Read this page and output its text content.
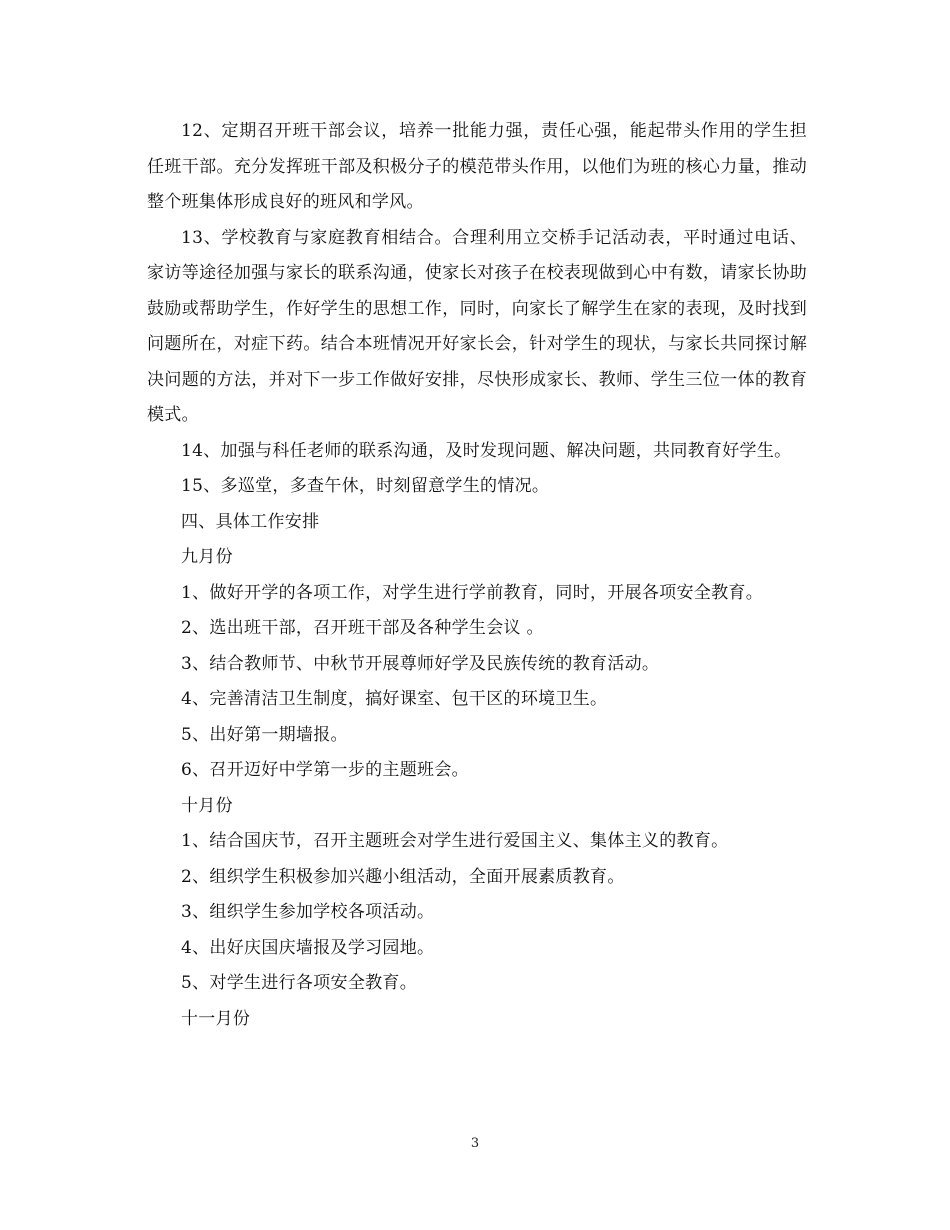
12、定期召开班干部会议，培养一批能力强，责任心强，能起带头作用的学生担任班干部。充分发挥班干部及积极分子的模范带头作用，以他们为班的核心力量，推动整个班集体形成良好的班风和学风。

13、学校教育与家庭教育相结合。合理利用立交桥手记活动表，平时通过电话、家访等途径加强与家长的联系沟通，使家长对孩子在校表现做到心中有数，请家长协助鼓励或帮助学生，作好学生的思想工作，同时，向家长了解学生在家的表现，及时找到问题所在，对症下药。结合本班情况开好家长会，针对学生的现状，与家长共同探讨解决问题的方法，并对下一步工作做好安排，尽快形成家长、教师、学生三位一体的教育模式。

14、加强与科任老师的联系沟通，及时发现问题、解决问题，共同教育好学生。

15、多巡堂，多查午休，时刻留意学生的情况。

四、具体工作安排

九月份

1、做好开学的各项工作，对学生进行学前教育，同时，开展各项安全教育。

2、选出班干部，召开班干部及各种学生会议 。

3、结合教师节、中秋节开展尊师好学及民族传统的教育活动。

4、完善清洁卫生制度，搞好课室、包干区的环境卫生。

5、出好第一期墙报。

6、召开迈好中学第一步的主题班会。

十月份

1、结合国庆节，召开主题班会对学生进行爱国主义、集体主义的教育。

2、组织学生积极参加兴趣小组活动，全面开展素质教育。

3、组织学生参加学校各项活动。

4、出好庆国庆墙报及学习园地。

5、对学生进行各项安全教育。

十一月份

3
